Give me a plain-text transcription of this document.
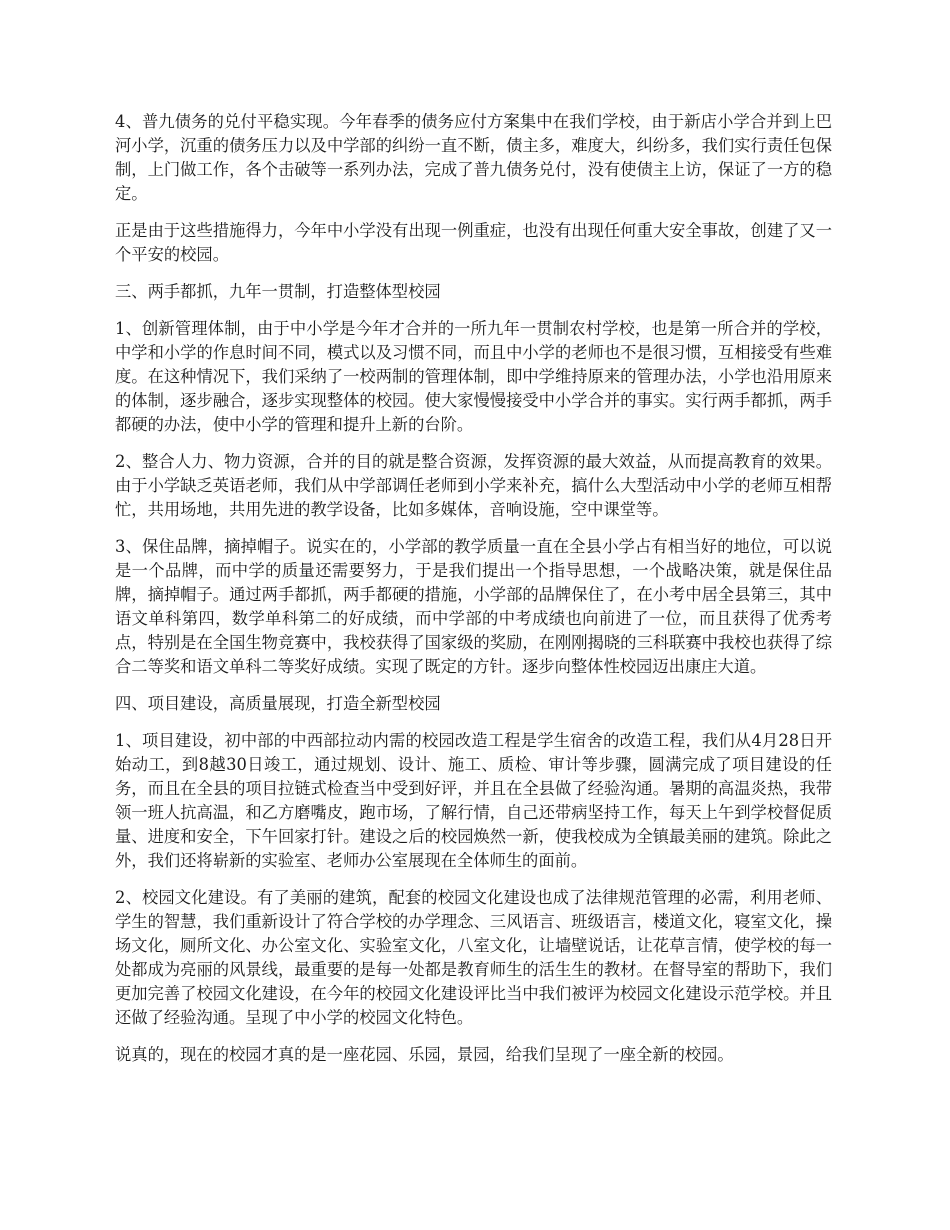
4、普九债务的兑付平稳实现。今年春季的债务应付方案集中在我们学校，由于新店小学合并到上巴河小学，沉重的债务压力以及中学部的纠纷一直不断，债主多，难度大，纠纷多，我们实行责任包保制，上门做工作，各个击破等一系列办法，完成了普九债务兑付，没有使债主上访，保证了一方的稳定。

正是由于这些措施得力，今年中小学没有出现一例重症，也没有出现任何重大安全事故，创建了又一个平安的校园。

三、两手都抓，九年一贯制，打造整体型校园

1、创新管理体制，由于中小学是今年才合并的一所九年一贯制农村学校，也是第一所合并的学校，中学和小学的作息时间不同，模式以及习惯不同，而且中小学的老师也不是很习惯，互相接受有些难度。在这种情况下，我们采纳了一校两制的管理体制，即中学维持原来的管理办法，小学也沿用原来的体制，逐步融合，逐步实现整体的校园。使大家慢慢接受中小学合并的事实。实行两手都抓，两手都硬的办法，使中小学的管理和提升上新的台阶。

2、整合人力、物力资源，合并的目的就是整合资源，发挥资源的最大效益，从而提高教育的效果。由于小学缺乏英语老师，我们从中学部调任老师到小学来补充，搞什么大型活动中小学的老师互相帮忙，共用场地，共用先进的教学设备，比如多媒体，音响设施，空中课堂等。

3、保住品牌，摘掉帽子。说实在的，小学部的教学质量一直在全县小学占有相当好的地位，可以说是一个品牌，而中学的质量还需要努力，于是我们提出一个指导思想，一个战略决策，就是保住品牌，摘掉帽子。通过两手都抓，两手都硬的措施，小学部的品牌保住了，在小考中居全县第三，其中语文单科第四，数学单科第二的好成绩，而中学部的中考成绩也向前进了一位，而且获得了优秀考点，特别是在全国生物竞赛中，我校获得了国家级的奖励，在刚刚揭晓的三科联赛中我校也获得了综合二等奖和语文单科二等奖好成绩。实现了既定的方针。逐步向整体性校园迈出康庄大道。

四、项目建设，高质量展现，打造全新型校园

1、项目建设，初中部的中西部拉动内需的校园改造工程是学生宿舍的改造工程，我们从4月28日开始动工，到8越30日竣工，通过规划、设计、施工、质检、审计等步骤，圆满完成了项目建设的任务，而且在全县的项目拉链式检查当中受到好评，并且在全县做了经验沟通。暑期的高温炎热，我带领一班人抗高温，和乙方磨嘴皮，跑市场，了解行情，自己还带病坚持工作，每天上午到学校督促质量、进度和安全，下午回家打针。建设之后的校园焕然一新，使我校成为全镇最美丽的建筑。除此之外，我们还将崭新的实验室、老师办公室展现在全体师生的面前。

2、校园文化建设。有了美丽的建筑，配套的校园文化建设也成了法律规范管理的必需，利用老师、学生的智慧，我们重新设计了符合学校的办学理念、三风语言、班级语言，楼道文化，寝室文化，操场文化，厕所文化、办公室文化、实验室文化，八室文化，让墙壁说话，让花草言情，使学校的每一处都成为亮丽的风景线，最重要的是每一处都是教育师生的活生生的教材。在督导室的帮助下，我们更加完善了校园文化建设，在今年的校园文化建设评比当中我们被评为校园文化建设示范学校。并且还做了经验沟通。呈现了中小学的校园文化特色。

说真的，现在的校园才真的是一座花园、乐园，景园，给我们呈现了一座全新的校园。
